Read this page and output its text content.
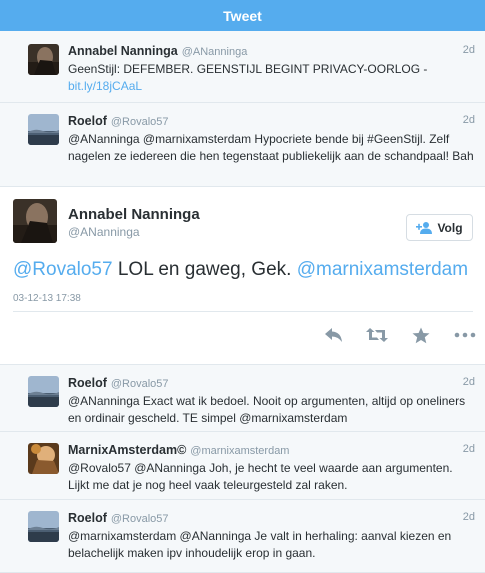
Tweet
Annabel Nanninga @ANanninga	2d
GeenStijl: DEFEMBER. GEENSTIJL BEGINT PRIVACY-OORLOG - bit.ly/18jCAaL
Roelof @Rovalo57	2d
@ANanninga @marnixamsterdam Hypocriete bende bij #GeenStijl. Zelf nagelen ze iedereen die hen tegenstaat publiekelijk aan de schandpaal! Bah
Annabel Nanninga
@ANanninga	Volg
@Rovalo57 LOL en gaweg, Gek. @marnixamsterdam
03-12-13 17:38
Roelof @Rovalo57	2d
@ANanninga Exact wat ik bedoel. Nooit op argumenten, altijd op oneliners en ordinair gescheld. TE simpel @marnixamsterdam
MarnixAmsterdam© @marnixamsterdam	2d
@Rovalo57 @ANanninga Joh, je hecht te veel waarde aan argumenten. Lijkt me dat je nog heel vaak teleurgesteld zal raken.
Roelof @Rovalo57	2d
@marnixamsterdam @ANanninga Je valt in herhaling: aanval kiezen en belachelijk maken ipv inhoudelijk erop in gaan.
